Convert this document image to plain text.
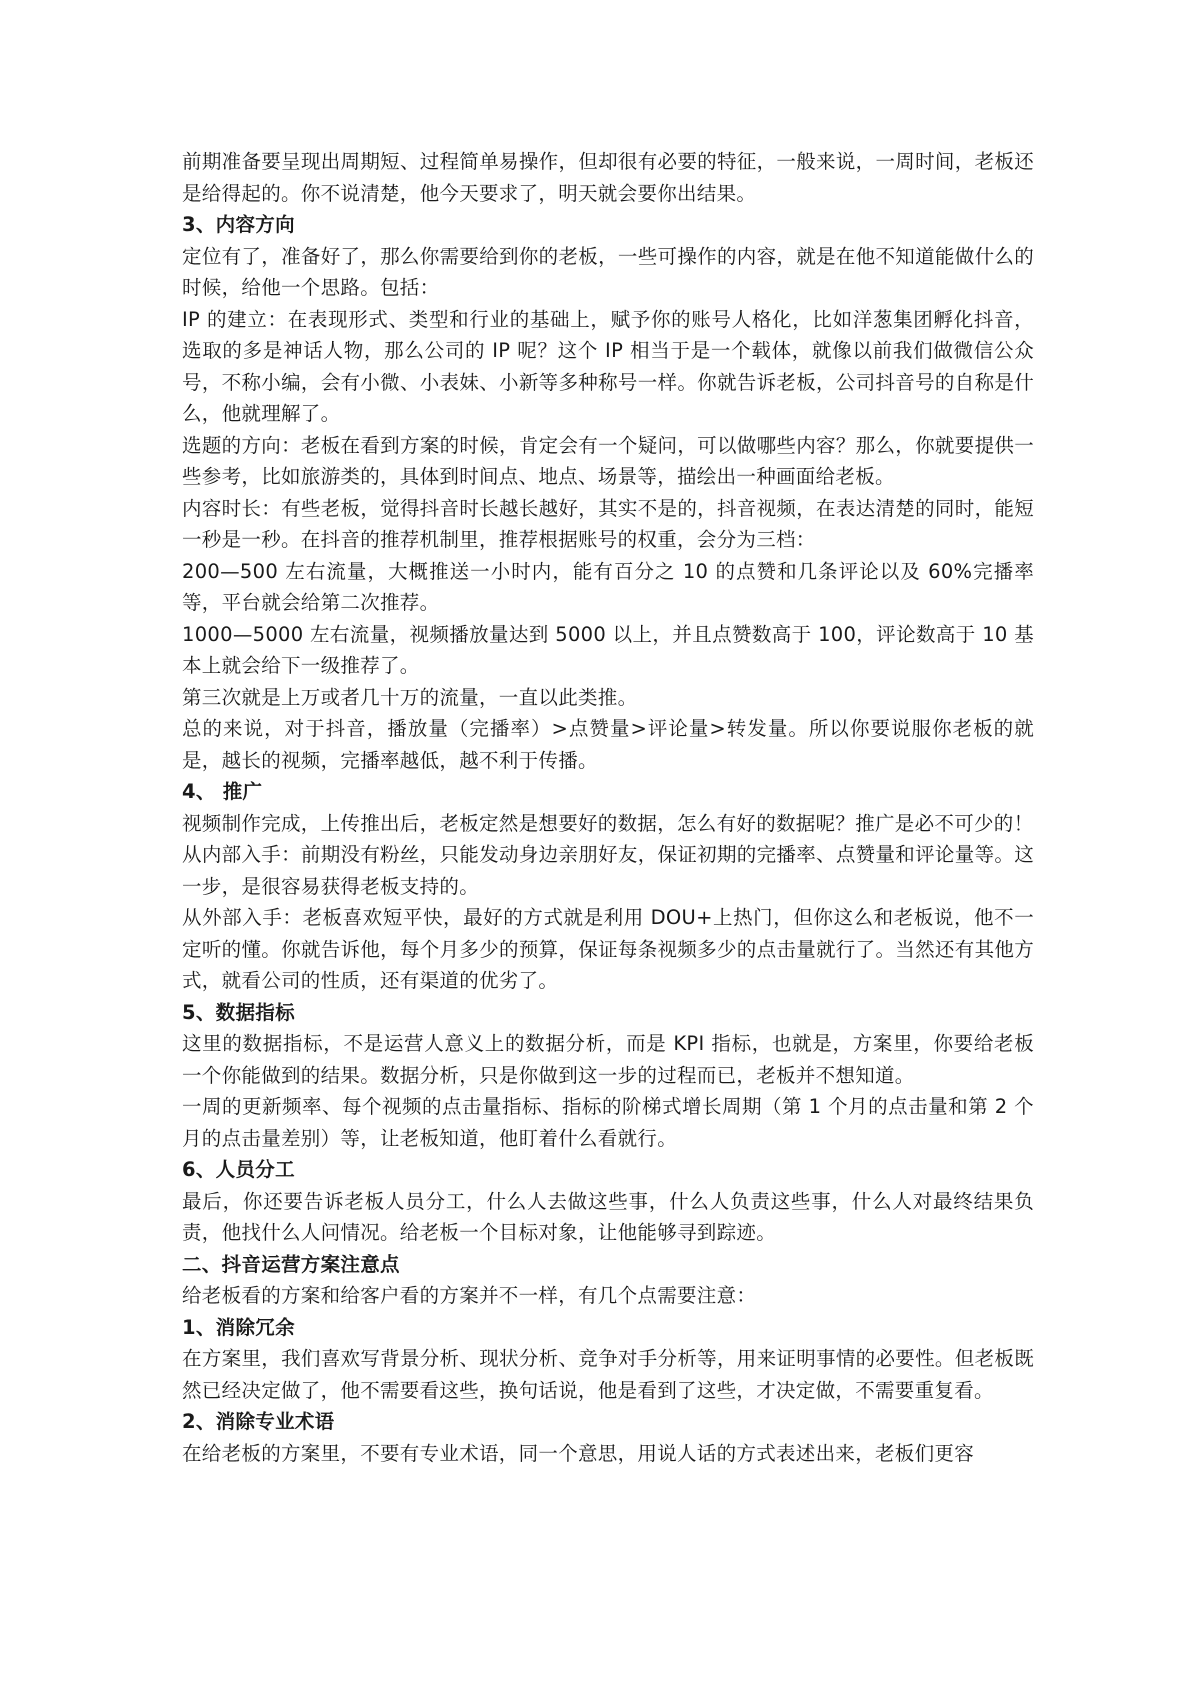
前期准备要呈现出周期短、过程简单易操作，但却很有必要的特征，一般来说，一周时间，老板还是给得起的。你不说清楚，他今天要求了，明天就会要你出结果。

3、内容方向

定位有了，准备好了，那么你需要给到你的老板，一些可操作的内容，就是在他不知道能做什么的时候，给他一个思路。包括：

IP 的建立：在表现形式、类型和行业的基础上，赋予你的账号人格化，比如洋葱集团孵化抖音，选取的多是神话人物，那么公司的 IP 呢？这个 IP 相当于是一个载体，就像以前我们做微信公众号，不称小编，会有小微、小表妹、小新等多种称号一样。你就告诉老板，公司抖音号的自称是什么，他就理解了。

选题的方向：老板在看到方案的时候，肯定会有一个疑问，可以做哪些内容？那么，你就要提供一些参考，比如旅游类的，具体到时间点、地点、场景等，描绘出一种画面给老板。

内容时长：有些老板，觉得抖音时长越长越好，其实不是的，抖音视频，在表达清楚的同时，能短一秒是一秒。在抖音的推荐机制里，推荐根据账号的权重，会分为三档：

200—500 左右流量，大概推送一小时内，能有百分之 10 的点赞和几条评论以及 60%完播率等，平台就会给第二次推荐。

1000—5000 左右流量，视频播放量达到 5000 以上，并且点赞数高于 100，评论数高于 10 基本上就会给下一级推荐了。

第三次就是上万或者几十万的流量，一直以此类推。

总的来说，对于抖音，播放量（完播率）>点赞量>评论量>转发量。所以你要说服你老板的就是，越长的视频，完播率越低，越不利于传播。

4、 推广

视频制作完成，上传推出后，老板定然是想要好的数据，怎么有好的数据呢？推广是必不可少的！

从内部入手：前期没有粉丝，只能发动身边亲朋好友，保证初期的完播率、点赞量和评论量等。这一步，是很容易获得老板支持的。

从外部入手：老板喜欢短平快，最好的方式就是利用 DOU+上热门，但你这么和老板说，他不一定听的懂。你就告诉他，每个月多少的预算，保证每条视频多少的点击量就行了。当然还有其他方式，就看公司的性质，还有渠道的优劣了。

5、数据指标

这里的数据指标，不是运营人意义上的数据分析，而是 KPI 指标，也就是，方案里，你要给老板一个你能做到的结果。数据分析，只是你做到这一步的过程而已，老板并不想知道。

一周的更新频率、每个视频的点击量指标、指标的阶梯式增长周期（第 1 个月的点击量和第 2 个月的点击量差别）等，让老板知道，他盯着什么看就行。

6、人员分工

最后，你还要告诉老板人员分工，什么人去做这些事，什么人负责这些事，什么人对最终结果负责，他找什么人问情况。给老板一个目标对象，让他能够寻到踪迹。

二、抖音运营方案注意点

给老板看的方案和给客户看的方案并不一样，有几个点需要注意：

1、消除冗余

在方案里，我们喜欢写背景分析、现状分析、竞争对手分析等，用来证明事情的必要性。但老板既然已经决定做了，他不需要看这些，换句话说，他是看到了这些，才决定做，不需要重复看。

2、消除专业术语

在给老板的方案里，不要有专业术语，同一个意思，用说人话的方式表述出来，老板们更容
